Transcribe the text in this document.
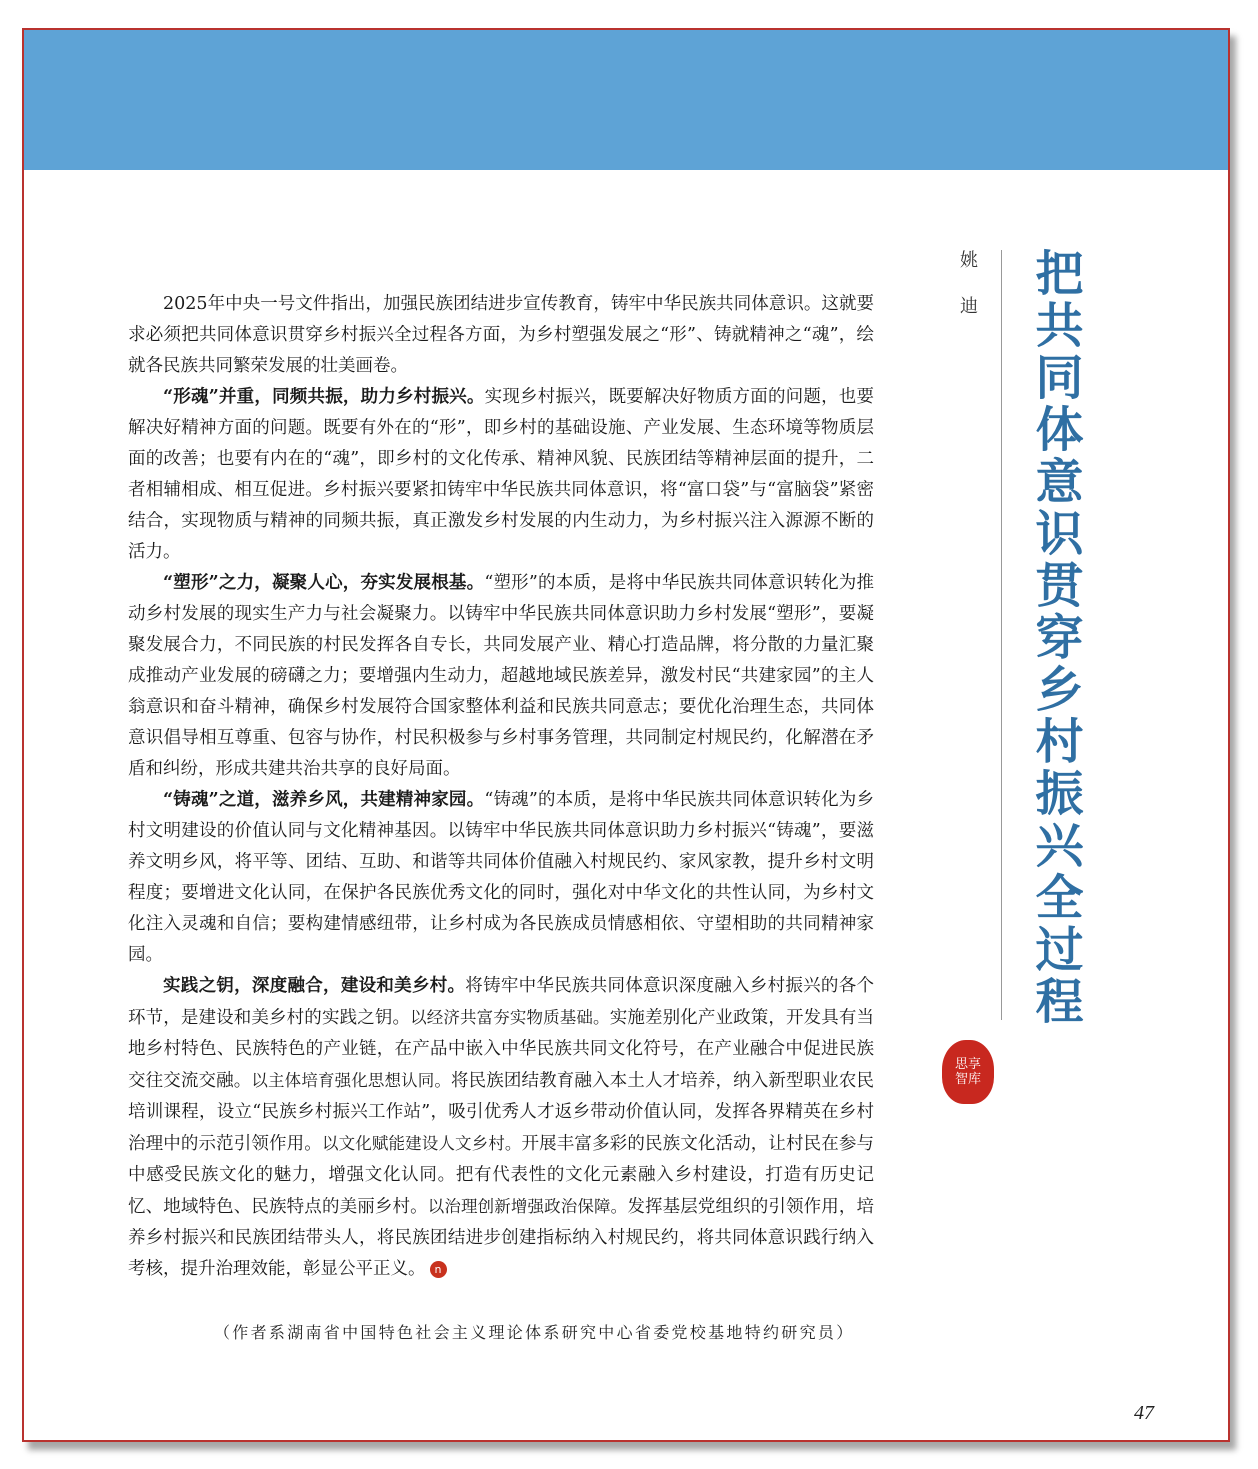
2025年中央一号文件指出，加强民族团结进步宣传教育，铸牢中华民族共同体意识。这就要求必须把共同体意识贯穿乡村振兴全过程各方面，为乡村塑强发展之“形”、铸就精神之“魂”，绘就各民族共同繁荣发展的壮美画卷。

“形魂”并重，同频共振，助力乡村振兴。实现乡村振兴，既要解决好物质方面的问题，也要解决好精神方面的问题。既要有外在的“形”，即乡村的基础设施、产业发展、生态环境等物质层面的改善；也要有内在的“魂”，即乡村的文化传承、精神风貌、民族团结等精神层面的提升，二者相辅相成、相互促进。乡村振兴要紧扣铸牢中华民族共同体意识，将“富口袋”与“富脑袋”紧密结合，实现物质与精神的同频共振，真正激发乡村发展的内生动力，为乡村振兴注入源源不断的活力。

“塑形”之力，凝聚人心，夯实发展根基。“塑形”的本质，是将中华民族共同体意识转化为推动乡村发展的现实生产力与社会凝聚力。以铸牢中华民族共同体意识助力乡村发展“塑形”，要凝聚发展合力，不同民族的村民发挥各自专长，共同发展产业、精心打造品牌，将分散的力量汇聚成推动产业发展的磅礴之力；要增强内生动力，超越地域民族差异，激发村民“共建家园”的主人翁意识和奋斗精神，确保乡村发展符合国家整体利益和民族共同意志；要优化治理生态，共同体意识倡导相互尊重、包容与协作，村民积极参与乡村事务管理，共同制定村规民约，化解潜在矛盾和纠纷，形成共建共治共享的良好局面。

“铸魂”之道，滋养乡风，共建精神家园。“铸魂”的本质，是将中华民族共同体意识转化为乡村文明建设的价值认同与文化精神基因。以铸牢中华民族共同体意识助力乡村振兴“铸魂”，要滋养文明乡风，将平等、团结、互助、和谐等共同体价值融入村规民约、家风家教，提升乡村文明程度；要增进文化认同，在保护各民族优秀文化的同时，强化对中华文化的共性认同，为乡村文化注入灵魂和自信；要构建情感纽带，让乡村成为各民族成员情感相依、守望相助的共同精神家园。

实践之钥，深度融合，建设和美乡村。将铸牢中华民族共同体意识深度融入乡村振兴的各个环节，是建设和美乡村的实践之钥。以经济共富夯实物质基础。实施差别化产业政策，开发具有当地乡村特色、民族特色的产业链，在产品中嵌入中华民族共同文化符号，在产业融合中促进民族交往交流交融。以主体培育强化思想认同。将民族团结教育融入本土人才培养，纳入新型职业农民培训课程，设立“民族乡村振兴工作站”，吸引优秀人才返乡带动价值认同，发挥各界精英在乡村治理中的示范引领作用。以文化赋能建设人文乡村。开展丰富多彩的民族文化活动，让村民在参与中感受民族文化的魅力，增强文化认同。把有代表性的文化元素融入乡村建设，打造有历史记忆、地域特色、民族特点的美丽乡村。以治理创新增强政治保障。发挥基层党组织的引领作用，培养乡村振兴和民族团结带头人，将民族团结进步创建指标纳入村规民约，将共同体意识践行纳入考核，提升治理效能，彰显公平正义。 n

（作者系湖南省中国特色社会主义理论体系研究中心省委党校基地特约研究员）
姚迪 把共同体意识贯穿乡村振兴全过程
思享智库
47
